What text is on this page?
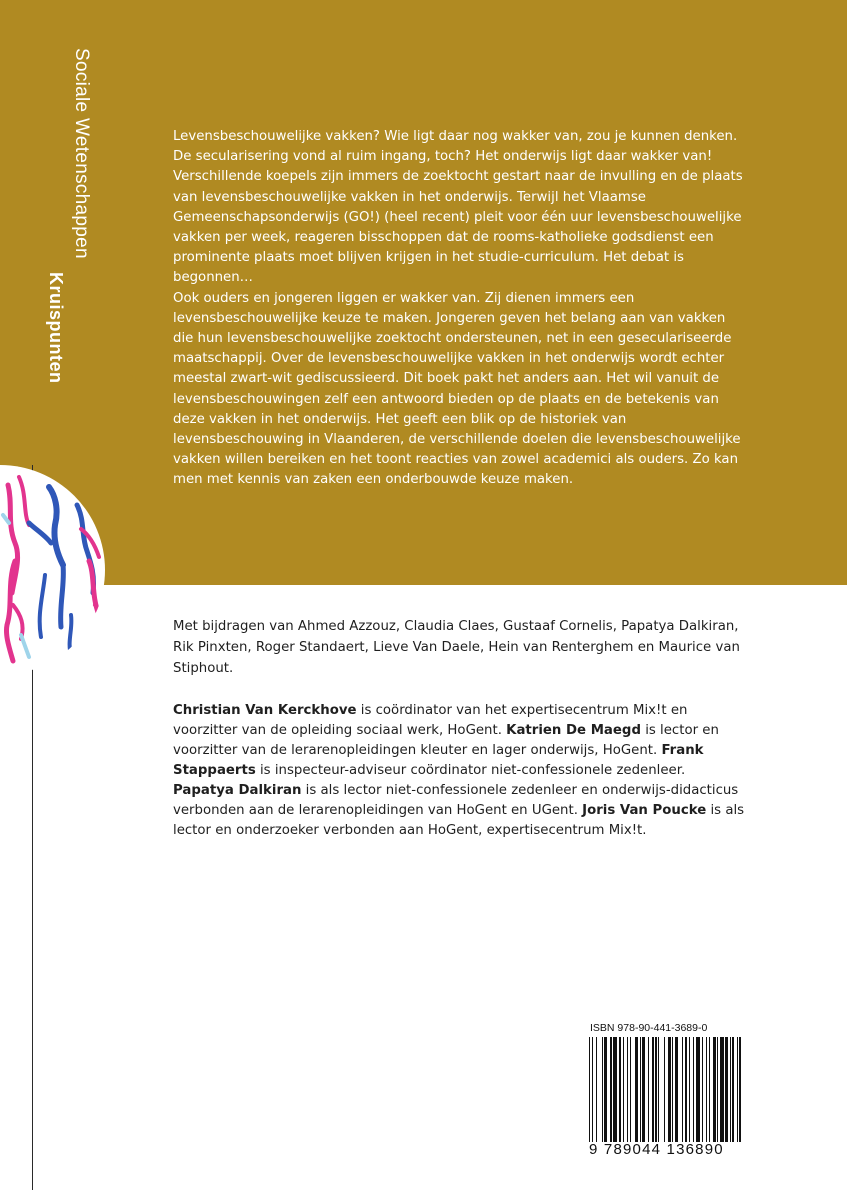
Sociale Wetenschappen
Kruispunten

Levensbeschouwelijke vakken? Wie ligt daar nog wakker van, zou je kunnen denken. De secularisering vond al ruim ingang, toch? Het onderwijs ligt daar wakker van! Verschillende koepels zijn immers de zoektocht gestart naar de invulling en de plaats van levensbeschouwelijke vakken in het onderwijs. Terwijl het Vlaamse Gemeenschapsonderwijs (GO!) (heel recent) pleit voor één uur levensbeschouwelijke vakken per week, reageren bisschoppen dat de rooms-katholieke godsdienst een prominente plaats moet blijven krijgen in het studie-curriculum. Het debat is begonnen…

Ook ouders en jongeren liggen er wakker van. Zij dienen immers een levensbeschouwelijke keuze te maken. Jongeren geven het belang aan van vakken die hun levensbeschouwelijke zoektocht ondersteunen, net in een geseculariseerde maatschappij. Over de levensbeschouwelijke vakken in het onderwijs wordt echter meestal zwart-wit gediscussieerd. Dit boek pakt het anders aan. Het wil vanuit de levensbeschouwingen zelf een antwoord bieden op de plaats en de betekenis van deze vakken in het onderwijs. Het geeft een blik op de historiek van levensbeschouwing in Vlaanderen, de verschillende doelen die levensbeschouwelijke vakken willen bereiken en het toont reacties van zowel academici als ouders. Zo kan men met kennis van zaken een onderbouwde keuze maken.

Met bijdragen van Ahmed Azzouz, Claudia Claes, Gustaaf Cornelis, Papatya Dalkiran, Rik Pinxten, Roger Standaert, Lieve Van Daele, Hein van Renterghem en Maurice van Stiphout.

Christian Van Kerckhove is coördinator van het expertisecentrum Mix!t en voorzitter van de opleiding sociaal werk, HoGent. Katrien De Maegd is lector en voorzitter van de lerarenopleidingen kleuter en lager onderwijs, HoGent. Frank Stappaerts is inspecteur-adviseur coördinator niet-confessionele zedenleer. Papatya Dalkiran is als lector niet-confessionele zedenleer en onderwijs-didacticus verbonden aan de lerarenopleidingen van HoGent en UGent. Joris Van Poucke is als lector en onderzoeker verbonden aan HoGent, expertisecentrum Mix!t.

ISBN 978-90-441-3689-0
9 789044 136890
